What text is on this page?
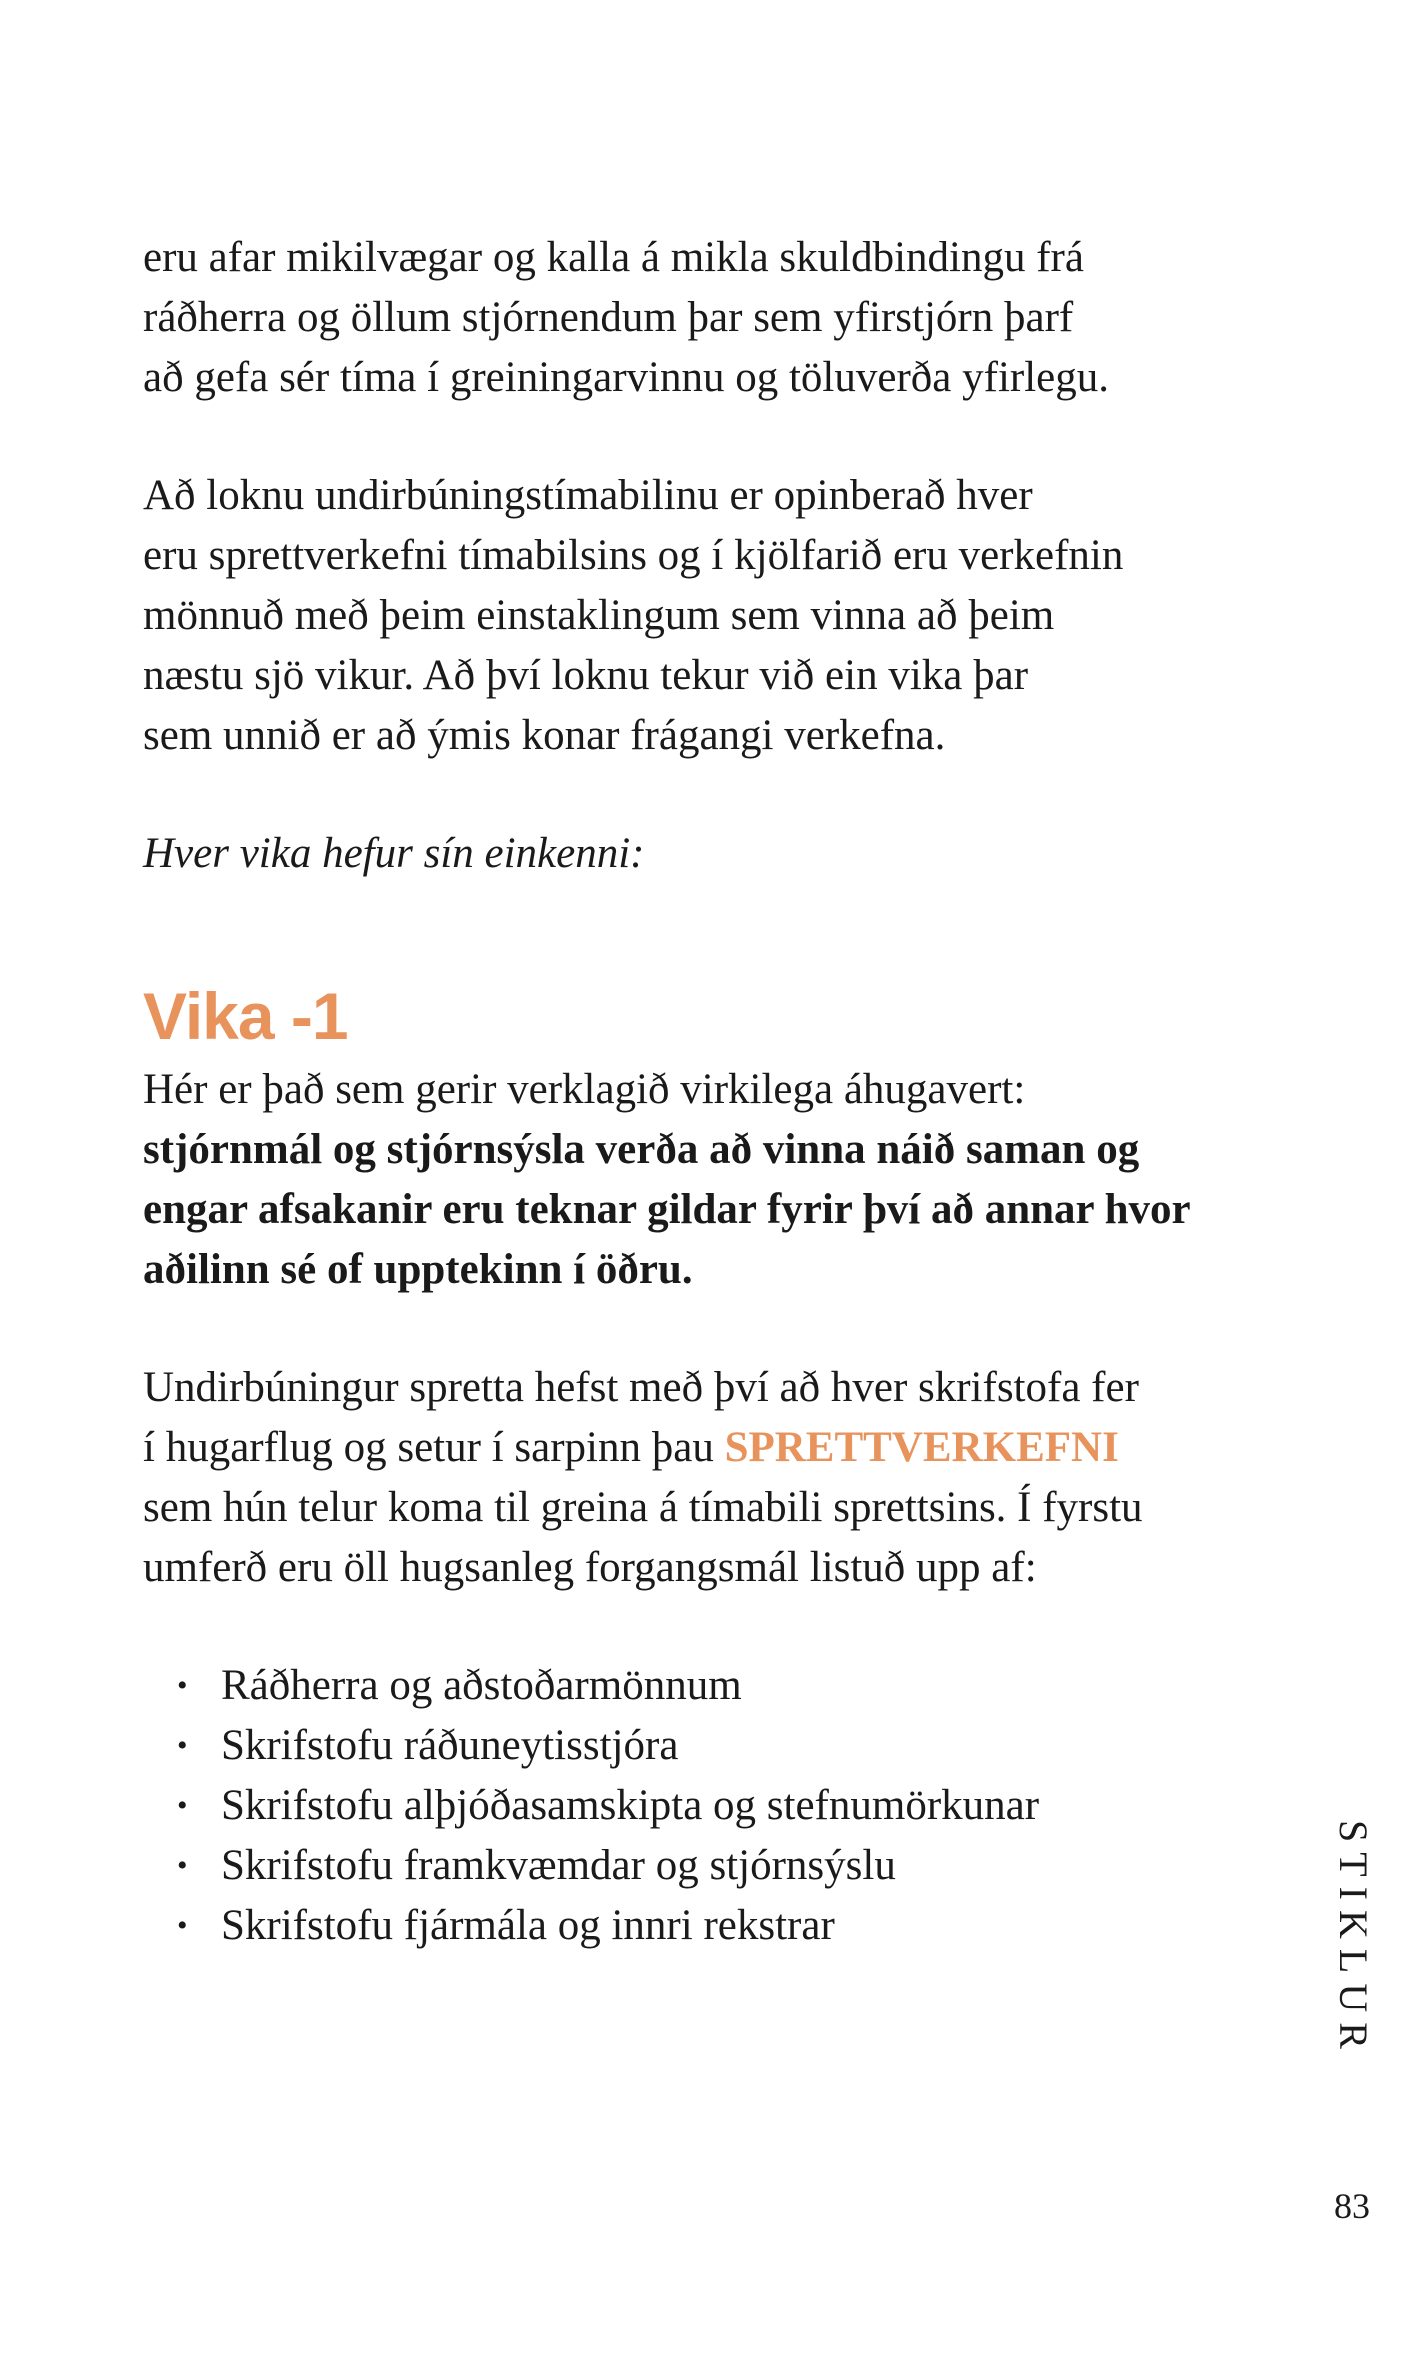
eru afar mikilvægar og kalla á mikla skuldbindingu frá
ráðherra og öllum stjórnendum þar sem yfirstjórn þarf
að gefa sér tíma í greiningarvinnu og töluverða yfirlegu.

Að loknu undirbúningstímabilinu er opinberað hver
eru sprettverkefni tímabilsins og í kjölfarið eru verkefnin
mönnuð með þeim einstaklingum sem vinna að þeim
næstu sjö vikur. Að því loknu tekur við ein vika þar
sem unnið er að ýmis konar frágangi verkefna.

Hver vika hefur sín einkenni:

Vika -1

Hér er það sem gerir verklagið virkilega áhugavert:
stjórnmál og stjórnsýsla verða að vinna náið saman og
engar afsakanir eru teknar gildar fyrir því að annar hvor
aðilinn sé of upptekinn í öðru.

Undirbúningur spretta hefst með því að hver skrifstofa fer
í hugarflug og setur í sarpinn þau SPRETTVERKEFNI
sem hún telur koma til greina á tímabili sprettsins. Í fyrstu
umferð eru öll hugsanleg forgangsmál listuð upp af:

• Ráðherra og aðstoðarmönnum
• Skrifstofu ráðuneytisstjóra
• Skrifstofu alþjóðasamskipta og stefnumörkunar
• Skrifstofu framkvæmdar og stjórnsýslu
• Skrifstofu fjármála og innri rekstrar	STIKLUR
83
